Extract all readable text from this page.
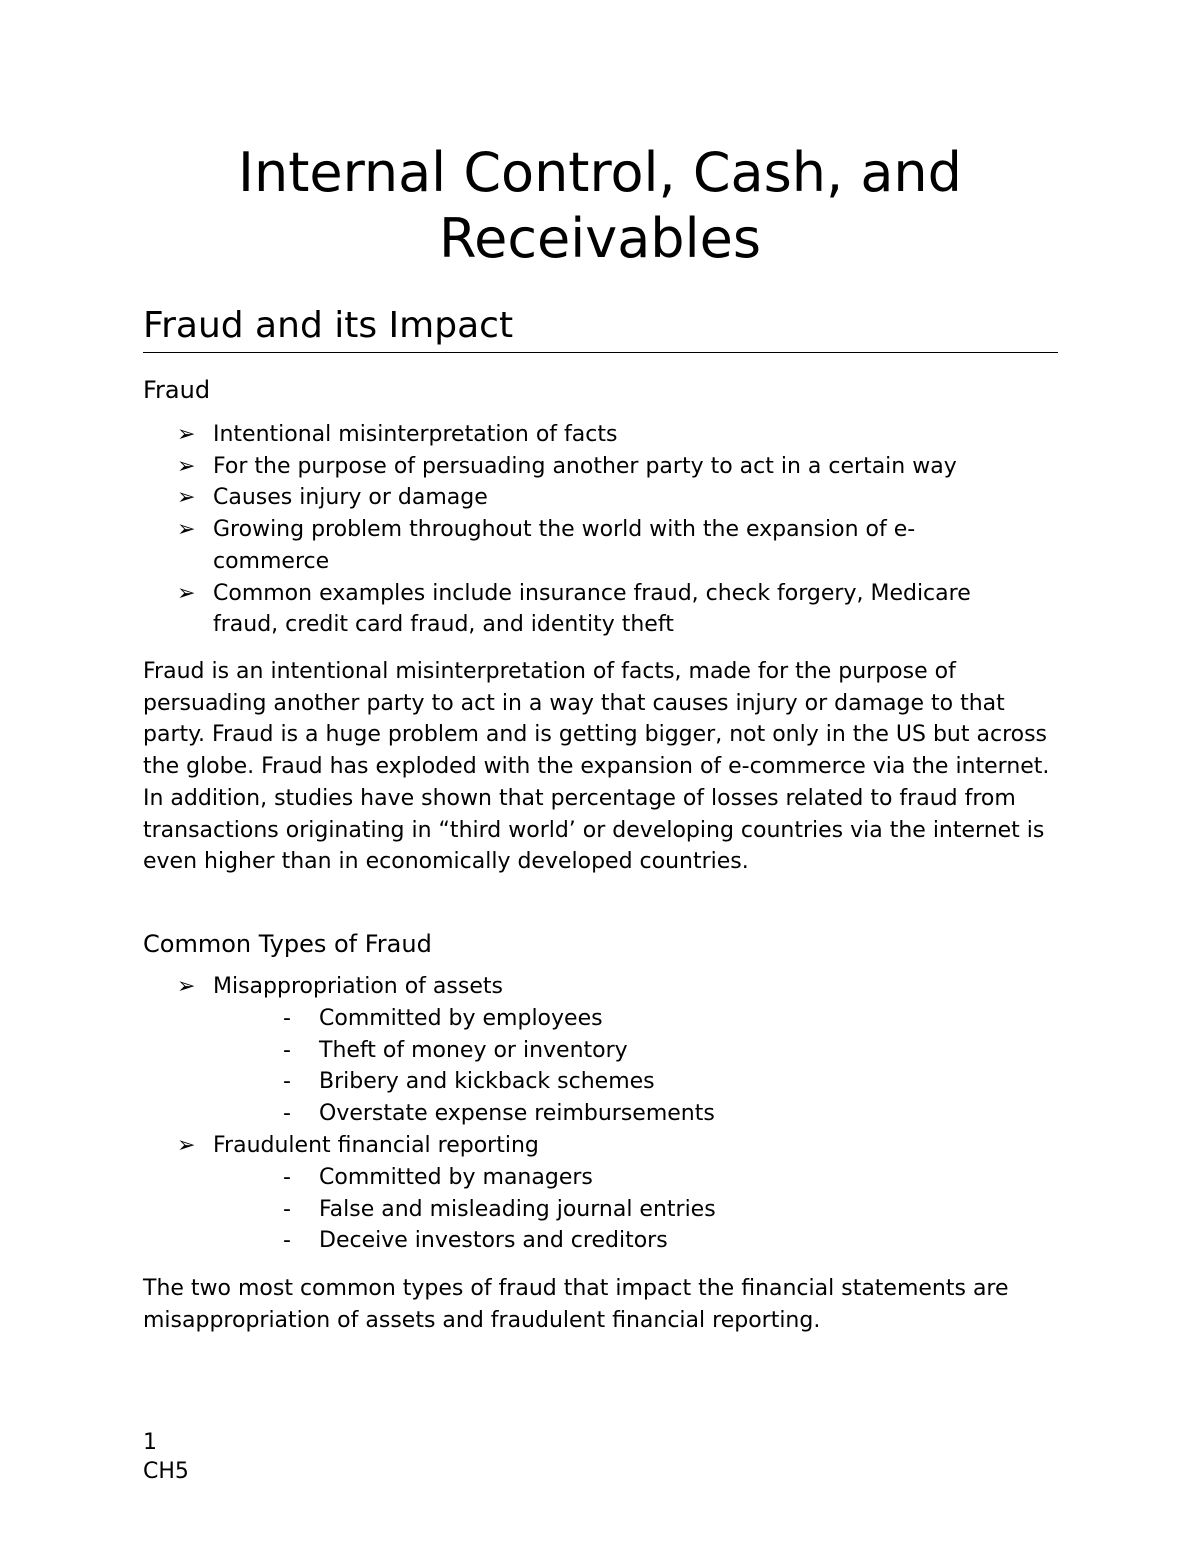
Internal Control, Cash, and
Receivables
Fraud and its Impact
Fraud
➢ Intentional misinterpretation of facts
➢ For the purpose of persuading another party to act in a certain way
➢ Causes injury or damage
➢ Growing problem throughout the world with the expansion of e-
commerce
➢ Common examples include insurance fraud, check forgery, Medicare
fraud, credit card fraud, and identity theft

Fraud is an intentional misinterpretation of facts, made for the purpose of persuading another party to act in a way that causes injury or damage to that party. Fraud is a huge problem and is getting bigger, not only in the US but across the globe. Fraud has exploded with the expansion of e-commerce via the internet. In addition, studies have shown that percentage of losses related to fraud from transactions originating in “third world’ or developing countries via the internet is even higher than in economically developed countries.

Common Types of Fraud
➢ Misappropriation of assets
- Committed by employees
- Theft of money or inventory
- Bribery and kickback schemes
- Overstate expense reimbursements
➢ Fraudulent financial reporting
- Committed by managers
- False and misleading journal entries
- Deceive investors and creditors

The two most common types of fraud that impact the financial statements are misappropriation of assets and fraudulent financial reporting.

1
CH5
